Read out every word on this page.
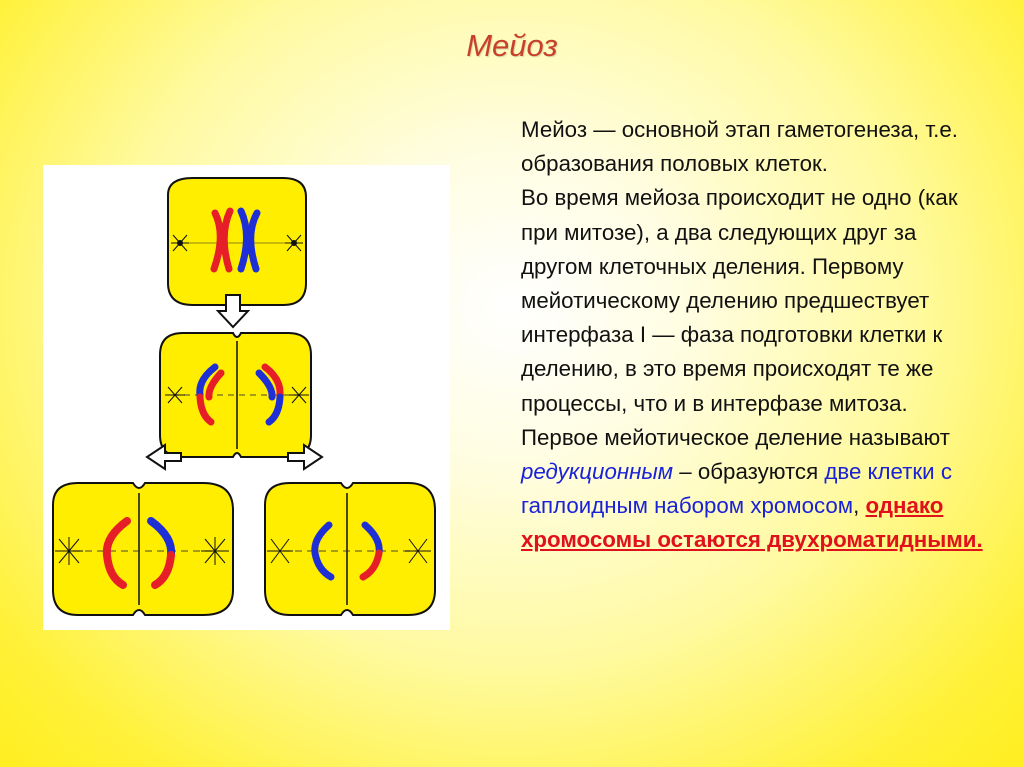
Мейоз

Мейоз — основной этап гаметогенеза, т.е. образования половых клеток.

Во время мейоза происходит не одно (как при митозе), а два следующих друг за другом клеточных деления. Первому мейотическому делению предшествует интерфаза I — фаза подготовки клетки к делению, в это время происходят те же процессы, что и в интерфазе митоза.

Первое мейотическое деление называют редукционным – образуются две клетки с гаплоидным набором хромосом, однако хромосомы остаются двухроматидными.
